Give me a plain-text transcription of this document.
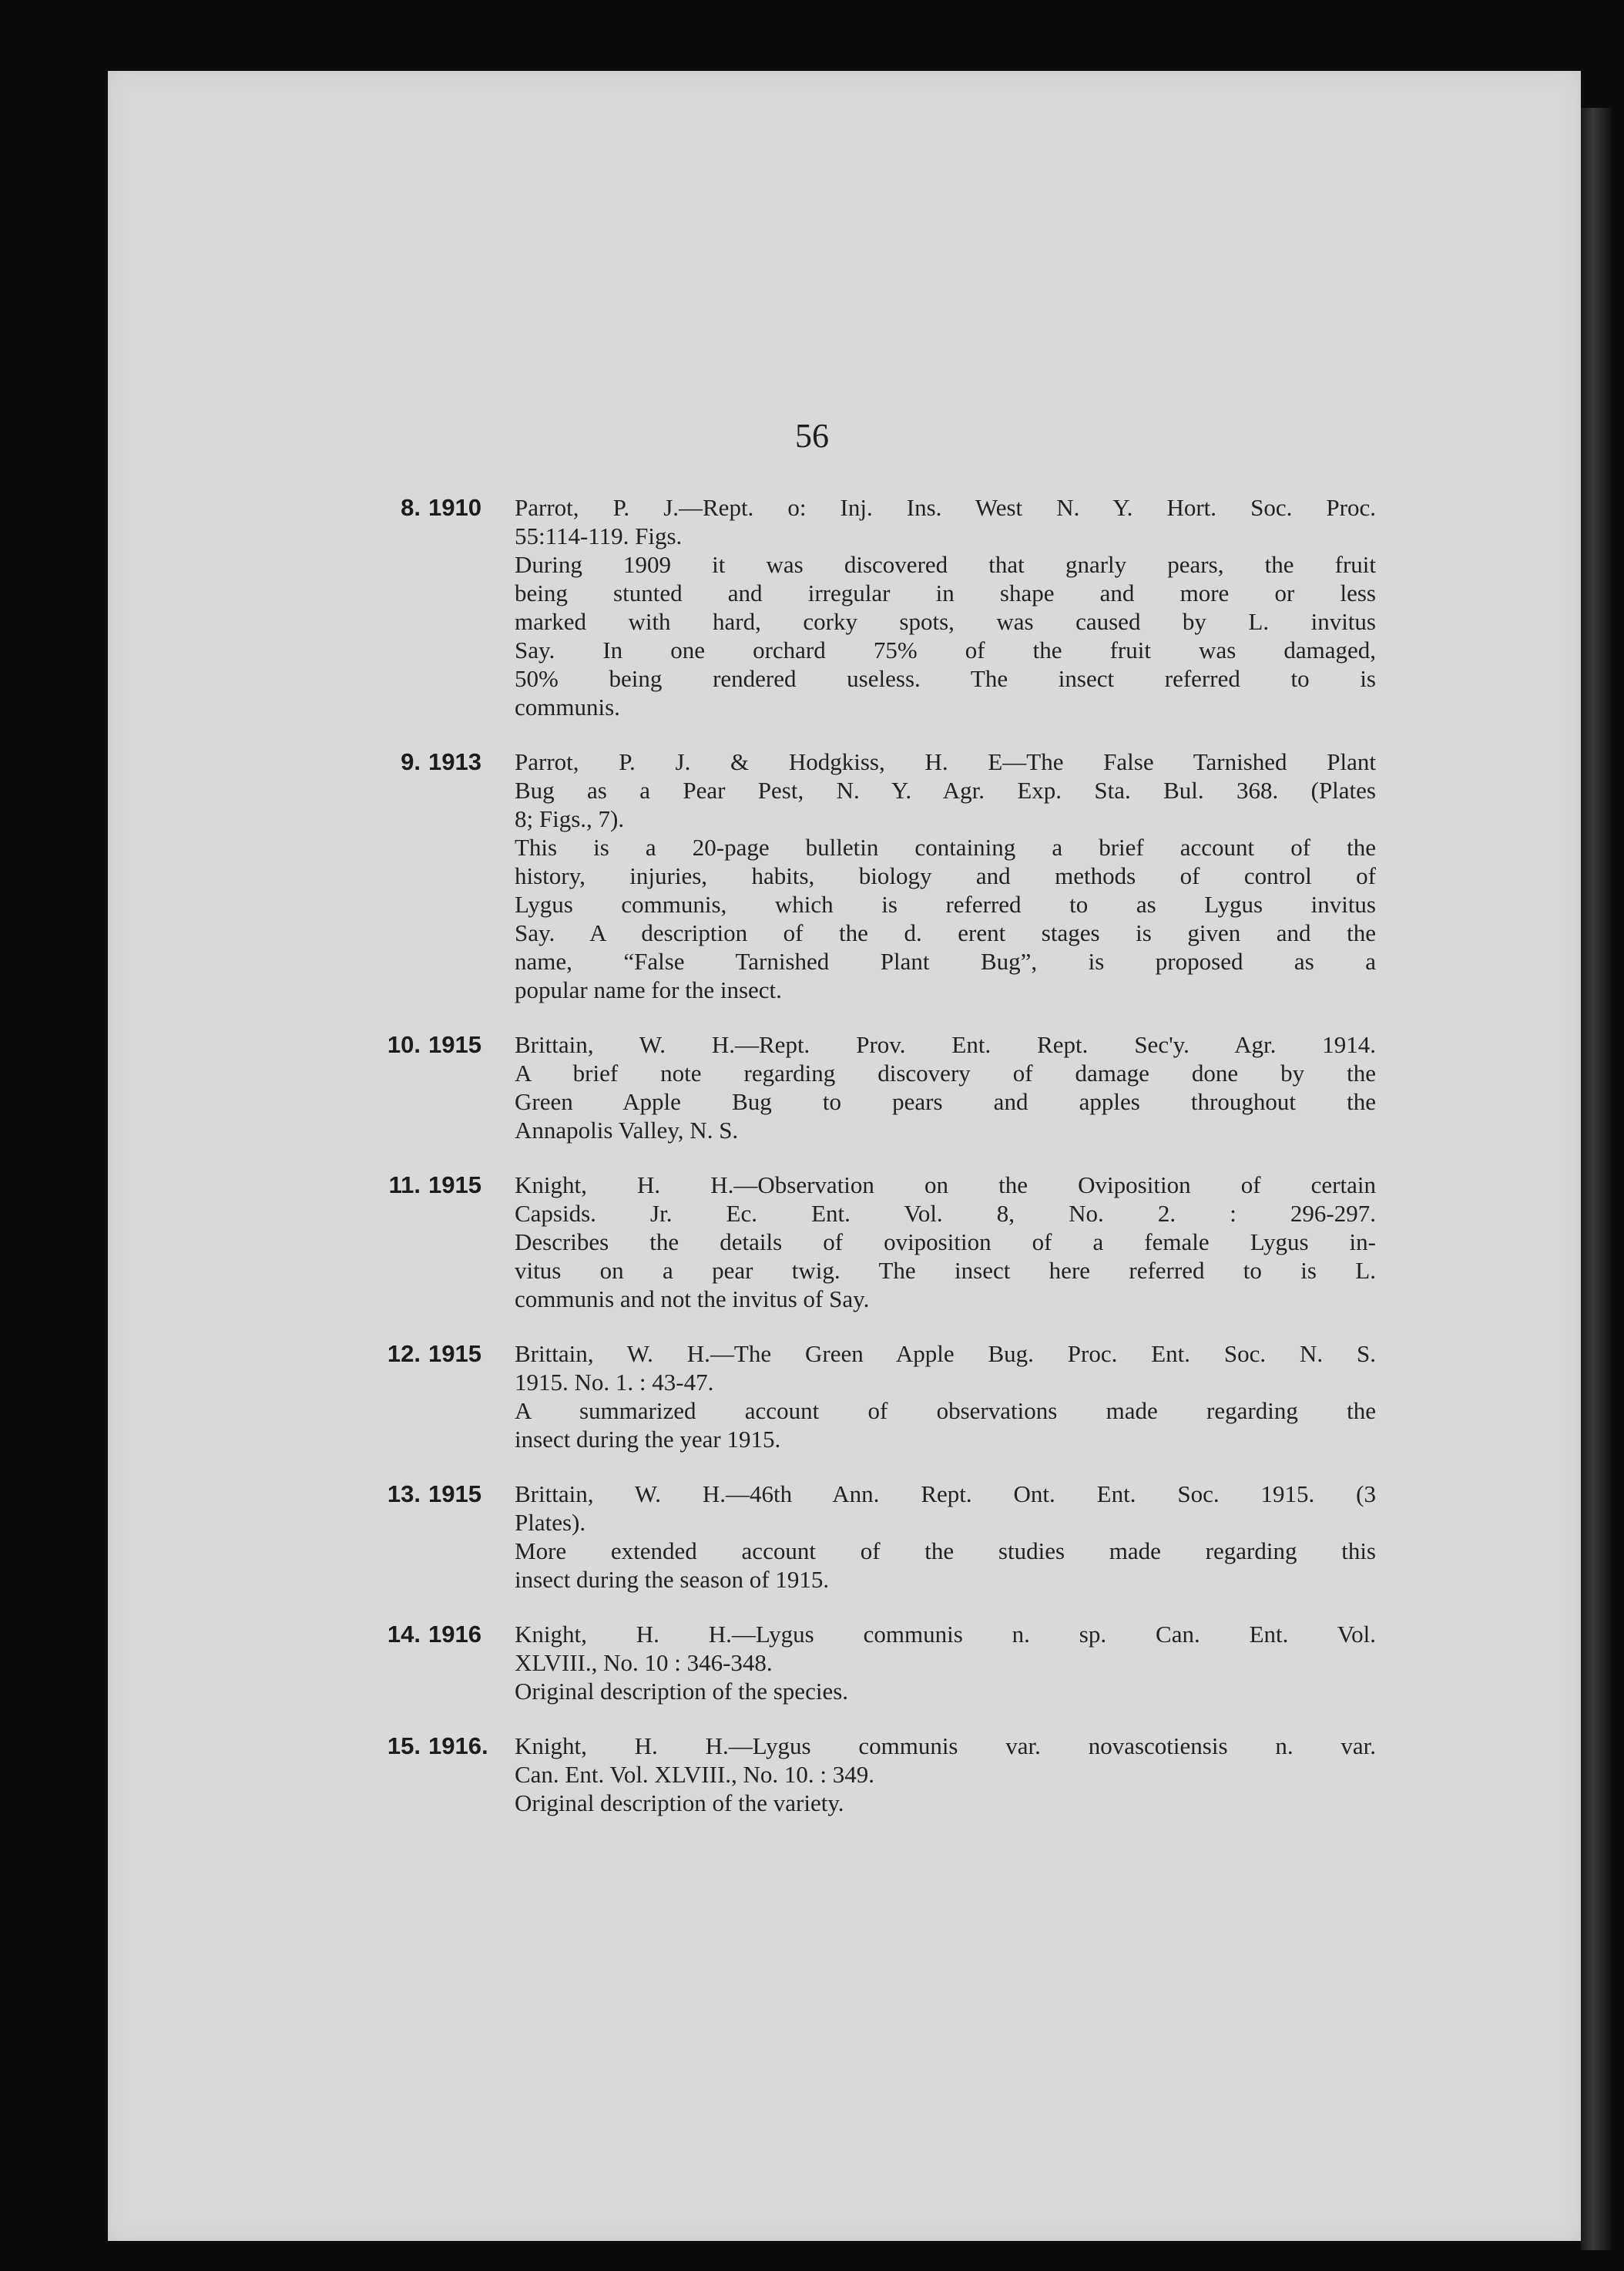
56
8. 1910	Parrot, P. J.—Rept. o: Inj. Ins. West N. Y. Hort. Soc. Proc.
55:114-119. Figs.
During 1909 it was discovered that gnarly pears, the fruit
being stunted and irregular in shape and more or less
marked with hard, corky spots, was caused by L. invitus
Say. In one orchard 75% of the fruit was damaged,
50% being rendered useless. The insect referred to is
communis.
9. 1913	Parrot, P. J. & Hodgkiss, H. E—The False Tarnished Plant
Bug as a Pear Pest, N. Y. Agr. Exp. Sta. Bul. 368. (Plates
8; Figs., 7).
This is a 20-page bulletin containing a brief account of the
history, injuries, habits, biology and methods of control of
Lygus communis, which is referred to as Lygus invitus
Say. A description of the d. erent stages is given and the
name, “False Tarnished Plant Bug”, is proposed as a
popular name for the insect.
10. 1915	Brittain, W. H.—Rept. Prov. Ent. Rept. Sec'y. Agr. 1914.
A brief note regarding discovery of damage done by the
Green Apple Bug to pears and apples throughout the
Annapolis Valley, N. S.
11. 1915	Knight, H. H.—Observation on the Oviposition of certain
Capsids. Jr. Ec. Ent. Vol. 8, No. 2. : 296-297.
Describes the details of oviposition of a female Lygus in-
vitus on a pear twig. The insect here referred to is L.
communis and not the invitus of Say.
12. 1915	Brittain, W. H.—The Green Apple Bug. Proc. Ent. Soc. N. S.
1915. No. 1. : 43-47.
A summarized account of observations made regarding the
insect during the year 1915.
13. 1915	Brittain, W. H.—46th Ann. Rept. Ont. Ent. Soc. 1915. (3
Plates).
More extended account of the studies made regarding this
insect during the season of 1915.
14. 1916	Knight, H. H.—Lygus communis n. sp. Can. Ent. Vol.
XLVIII., No. 10 : 346-348.
Original description of the species.
15. 1916. Knight, H. H.—Lygus communis var. novascotiensis n. var.
Can. Ent. Vol. XLVIII., No. 10. : 349.
Original description of the variety.
